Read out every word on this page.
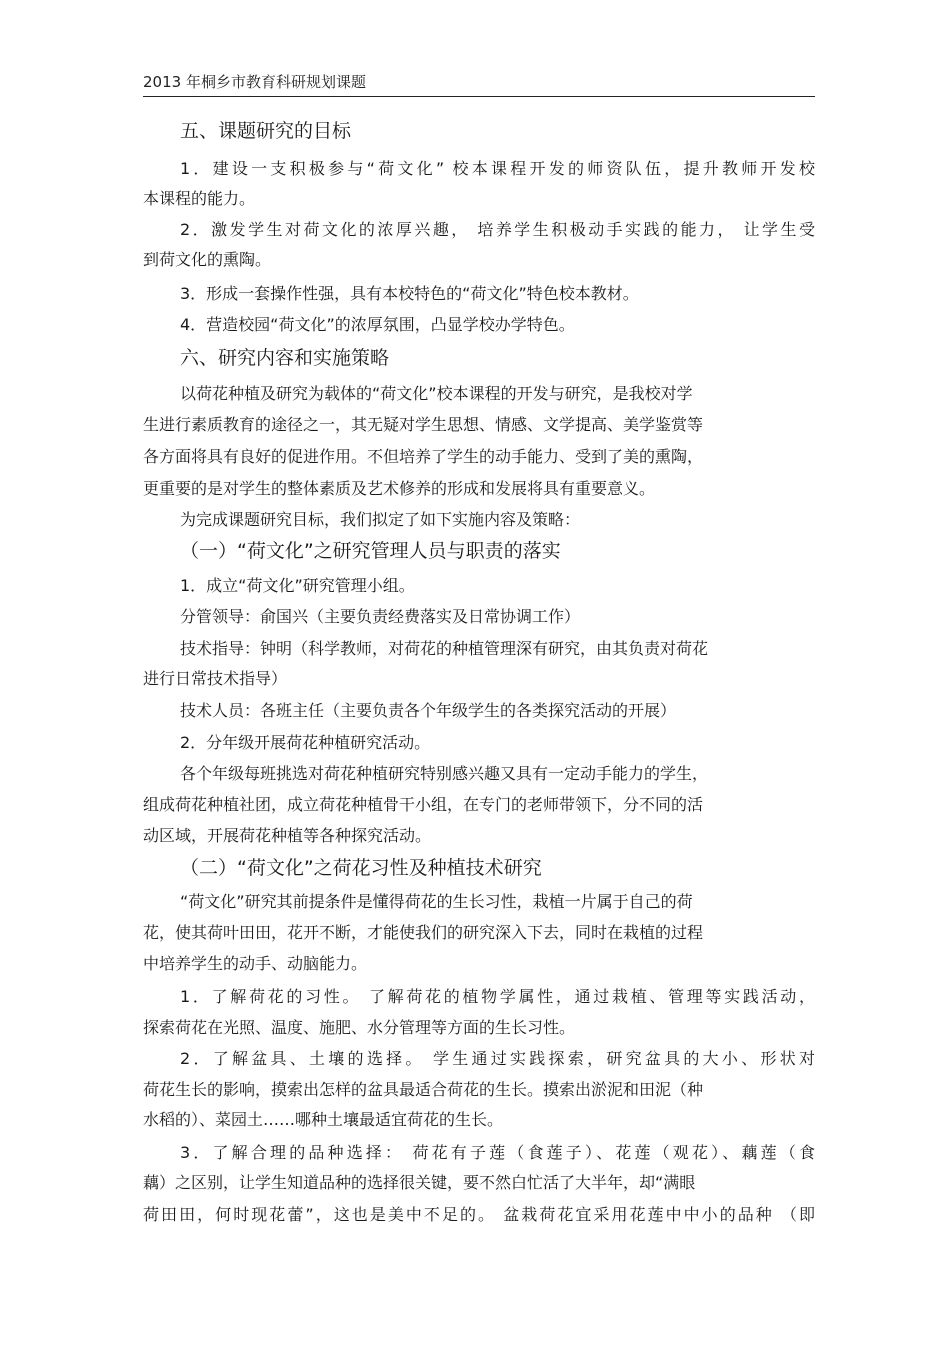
2013 年桐乡市教育科研规划课题
五、课题研究的目标
1．建设一支积极参与“荷文化” 校本课程开发的师资队伍，提升教师开发校
本课程的能力。
2．激发学生对荷文化的浓厚兴趣， 培养学生积极动手实践的能力， 让学生受
到荷文化的熏陶。
3．形成一套操作性强，具有本校特色的“荷文化”特色校本教材。
4．营造校园“荷文化”的浓厚氛围，凸显学校办学特色。
六、研究内容和实施策略
以荷花种植及研究为载体的“荷文化”校本课程的开发与研究，是我校对学
生进行素质教育的途径之一，其无疑对学生思想、情感、文学提高、美学鉴赏等
各方面将具有良好的促进作用。不但培养了学生的动手能力、受到了美的熏陶，
更重要的是对学生的整体素质及艺术修养的形成和发展将具有重要意义。
为完成课题研究目标，我们拟定了如下实施内容及策略：
（一）“荷文化”之研究管理人员与职责的落实
1．成立“荷文化”研究管理小组。
分管领导：俞国兴（主要负责经费落实及日常协调工作）
技术指导：钟明（科学教师，对荷花的种植管理深有研究，由其负责对荷花
进行日常技术指导）
技术人员：各班主任（主要负责各个年级学生的各类探究活动的开展）
2．分年级开展荷花种植研究活动。
各个年级每班挑选对荷花种植研究特别感兴趣又具有一定动手能力的学生，
组成荷花种植社团，成立荷花种植骨干小组，在专门的老师带领下，分不同的活
动区域，开展荷花种植等各种探究活动。
（二）“荷文化”之荷花习性及种植技术研究
“荷文化”研究其前提条件是懂得荷花的生长习性，栽植一片属于自己的荷
花，使其荷叶田田，花开不断，才能使我们的研究深入下去，同时在栽植的过程
中培养学生的动手、动脑能力。
1．了解荷花的习性。 了解荷花的植物学属性，通过栽植、管理等实践活动，
探索荷花在光照、温度、施肥、水分管理等方面的生长习性。
2．了解盆具、土壤的选择。 学生通过实践探索，研究盆具的大小、形状对
荷花生长的影响，摸索出怎样的盆具最适合荷花的生长。摸索出淤泥和田泥（种
水稻的）、菜园土……哪种土壤最适宜荷花的生长。
3．了解合理的品种选择： 荷花有子莲（食莲子）、花莲（观花）、藕莲（食
藕）之区别，让学生知道品种的选择很关键，要不然白忙活了大半年，却“满眼
荷田田，何时现花蕾”，这也是美中不足的。 盆栽荷花宜采用花莲中中小的品种 （即
